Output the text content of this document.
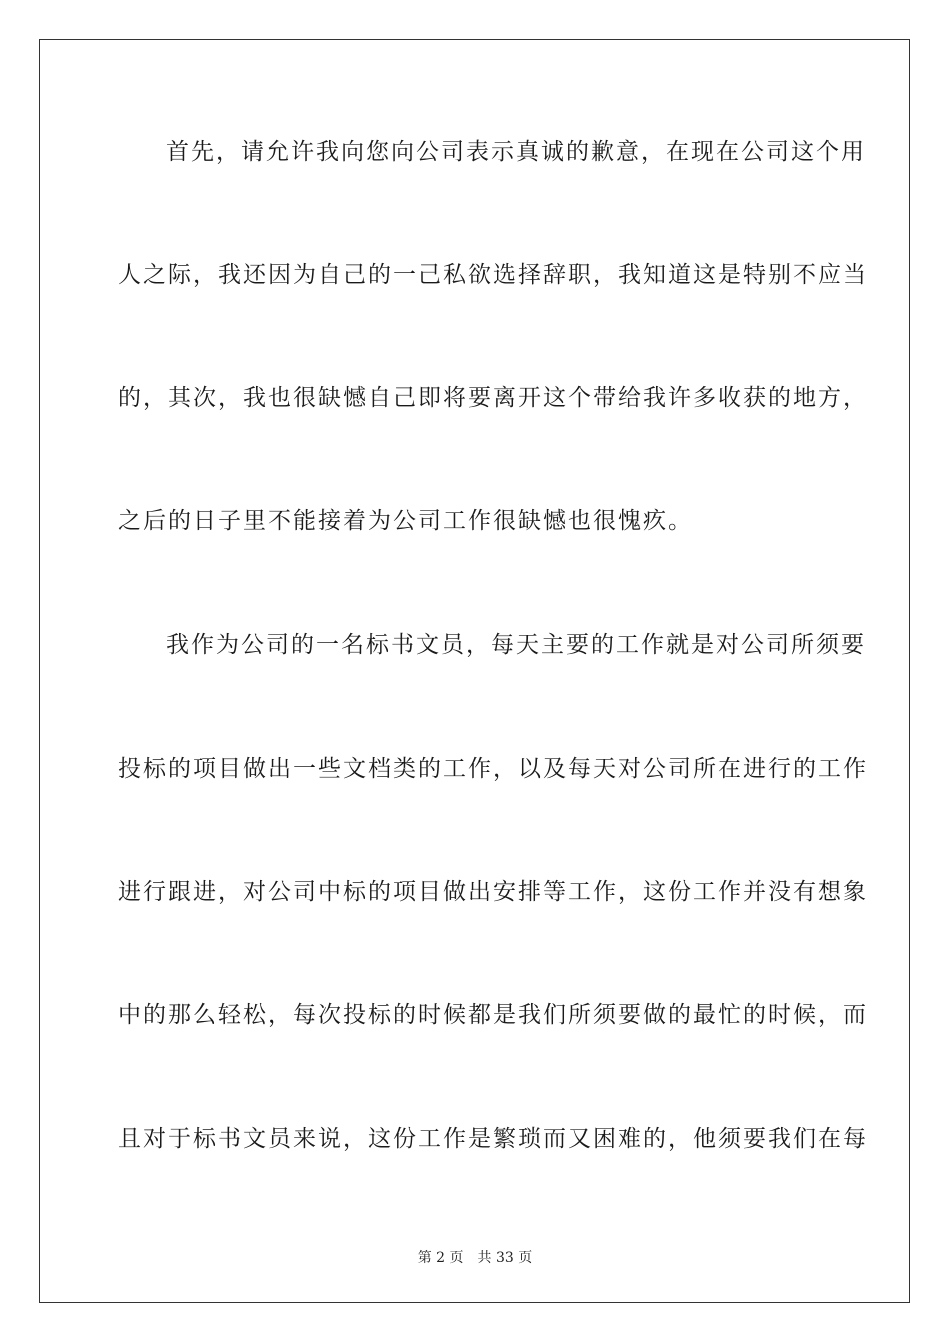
首先，请允许我向您向公司表示真诚的歉意，在现在公司这个用
人之际，我还因为自己的一己私欲选择辞职，我知道这是特别不应当
的，其次，我也很缺憾自己即将要离开这个带给我许多收获的地方，
之后的日子里不能接着为公司工作很缺憾也很愧疚。
我作为公司的一名标书文员，每天主要的工作就是对公司所须要
投标的项目做出一些文档类的工作，以及每天对公司所在进行的工作
进行跟进，对公司中标的项目做出安排等工作，这份工作并没有想象
中的那么轻松，每次投标的时候都是我们所须要做的最忙的时候，而
且对于标书文员来说，这份工作是繁琐而又困难的，他须要我们在每
第 2 页 共 33 页
